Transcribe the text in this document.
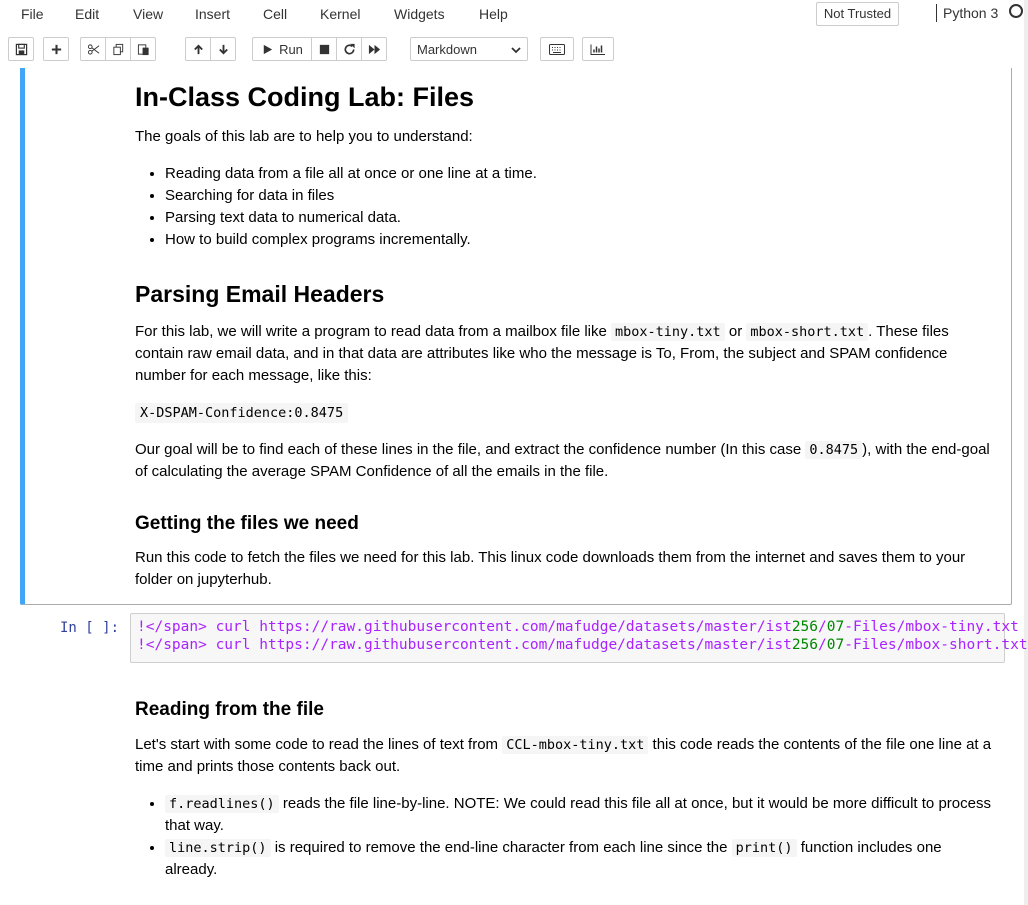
File Edit View Insert Cell Kernel Widgets Help	Not Trusted	Python 3
Run	Markdown
In-Class Coding Lab: Files

The goals of this lab are to help you to understand:

• Reading data from a file all at once or one line at a time.
• Searching for data in files
• Parsing text data to numerical data.
• How to build complex programs incrementally.
Parsing Email Headers

For this lab, we will write a program to read data from a mailbox file like mbox-tiny.txt or mbox-short.txt . These files contain raw email data, and in that data are attributes like who the message is To, From, the subject and SPAM confidence number for each message, like this:

X-DSPAM-Confidence:0.8475

Our goal will be to find each of these lines in the file, and extract the confidence number (In this case 0.8475 ), with the end-goal of calculating the average SPAM Confidence of all the emails in the file.

Getting the files we need

Run this code to fetch the files we need for this lab. This linux code downloads them from the internet and saves them to your folder on jupyterhub.

In [ ]: !</span> curl https://raw.githubusercontent.com/mafudge/datasets/master/ist256/07-Files/mbox-tiny.txt
!</span> curl https://raw.githubusercontent.com/mafudge/datasets/master/ist256/07-Files/mbox-short.txt
Reading from the file

Let's start with some code to read the lines of text from CCL-mbox-tiny.txt this code reads the contents of the file one line at a time and prints those contents back out.

• f.readlines() reads the file line-by-line. NOTE: We could read this file all at once, but it would be more difficult to process that way.
• line.strip() is required to remove the end-line character from each line since the print() function includes one already.
